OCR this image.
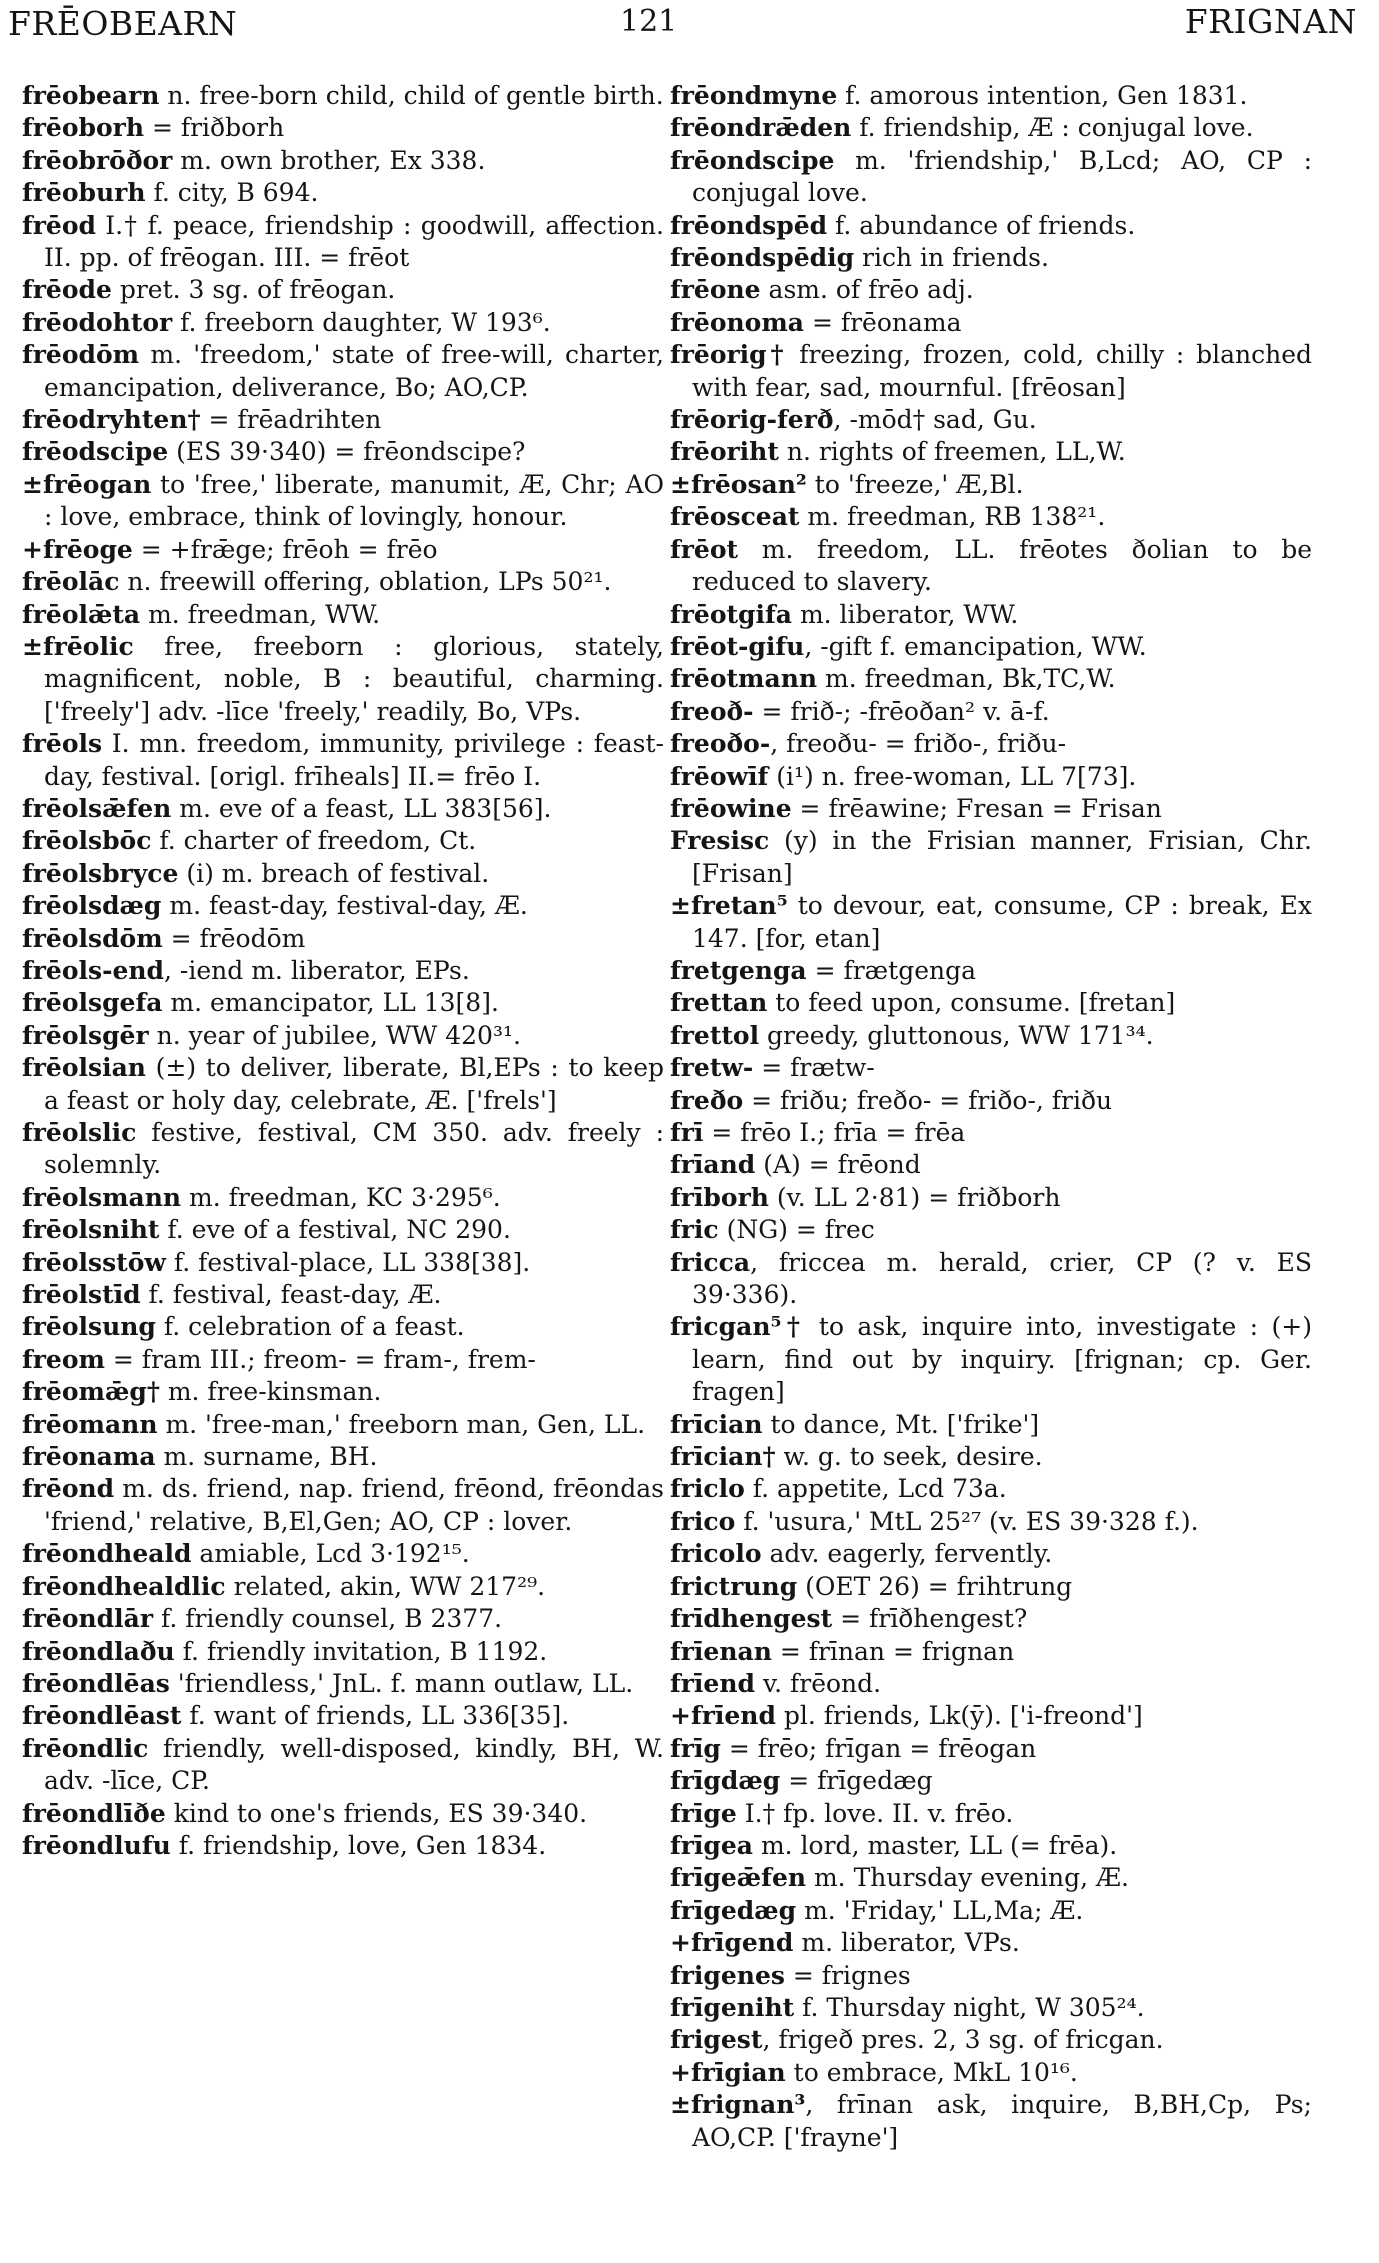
FRĒOBEARN	121	FRIGNAN

frēobearn n. free-born child, child of gentle birth.

frēoborh = friðborh

frēobrōðor m. own brother, Ex 338.

frēoburh f. city, B 694.

frēod I.† f. peace, friendship : goodwill, affection. II. pp. of frēogan. III. = frēot

frēode pret. 3 sg. of frēogan.

frēodohtor f. freeborn daughter, W 193⁶.

frēodōm m. 'freedom,' state of free-will, charter, emancipation, deliverance, Bo; AO,CP.

frēodryhten† = frēadrihten

frēodscipe (ES 39·340) = frēondscipe?

±frēogan to 'free,' liberate, manumit, Æ, Chr; AO : love, embrace, think of lovingly, honour.

+frēoge = +frǣge; frēoh = frēo

frēolāc n. freewill offering, oblation, LPs 50²¹.

frēolǣta m. freedman, WW.

±frēolic free, freeborn : glorious, stately, magnificent, noble, B : beautiful, charming. ['freely'] adv. -līce 'freely,' readily, Bo, VPs.

frēols I. mn. freedom, immunity, privilege : feast-day, festival. [origl. frīheals] II.= frēo I.

frēolsǣfen m. eve of a feast, LL 383[56].

frēolsbōc f. charter of freedom, Ct.

frēolsbryce (i) m. breach of festival.

frēolsdæg m. feast-day, festival-day, Æ.

frēolsdōm = frēodōm

frēols-end, -iend m. liberator, EPs.

frēolsgefa m. emancipator, LL 13[8].

frēolsgēr n. year of jubilee, WW 420³¹.

frēolsian (±) to deliver, liberate, Bl,EPs : to keep a feast or holy day, celebrate, Æ. ['frels']

frēolslic festive, festival, CM 350. adv. freely : solemnly.

frēolsmann m. freedman, KC 3·295⁶.

frēolsniht f. eve of a festival, NC 290.

frēolsstōw f. festival-place, LL 338[38].

frēolstīd f. festival, feast-day, Æ.

frēolsung f. celebration of a feast.

freom = fram III.; freom- = fram-, frem-

frēomǣg† m. free-kinsman.

frēomann m. 'free-man,' freeborn man, Gen, LL.

frēonama m. surname, BH.

frēond m. ds. friend, nap. friend, frēond, frēondas 'friend,' relative, B,El,Gen; AO, CP : lover.

frēondheald amiable, Lcd 3·192¹⁵.

frēondhealdlic related, akin, WW 217²⁹.

frēondlār f. friendly counsel, B 2377.

frēondlaðu f. friendly invitation, B 1192.

frēondlēas 'friendless,' JnL. f. mann outlaw, LL.

frēondlēast f. want of friends, LL 336[35].

frēondlic friendly, well-disposed, kindly, BH, W. adv. -līce, CP.

frēondlīðe kind to one's friends, ES 39·340.

frēondlufu f. friendship, love, Gen 1834.

frēondmyne f. amorous intention, Gen 1831.

frēondrǣden f. friendship, Æ : conjugal love.

frēondscipe m. 'friendship,' B,Lcd; AO, CP : conjugal love.

frēondspēd f. abundance of friends.

frēondspēdig rich in friends.

frēone asm. of frēo adj.

frēonoma = frēonama

frēorig† freezing, frozen, cold, chilly : blanched with fear, sad, mournful. [frēosan]

frēorig-ferð, -mōd† sad, Gu.

frēoriht n. rights of freemen, LL,W.

±frēosan² to 'freeze,' Æ,Bl.

frēosceat m. freedman, RB 138²¹.

frēot m. freedom, LL. frēotes ðolian to be reduced to slavery.

frēotgifa m. liberator, WW.

frēot-gifu, -gift f. emancipation, WW.

frēotmann m. freedman, Bk,TC,W.

freoð- = frið-; -frēoðan² v. ā-f.

freoðo-, freoðu- = friðo-, friðu-

frēowīf (i¹) n. free-woman, LL 7[73].

frēowine = frēawine; Fresan = Frisan

Fresisc (y) in the Frisian manner, Frisian, Chr. [Frisan]

±fretan⁵ to devour, eat, consume, CP : break, Ex 147. [for, etan]

fretgenga = frætgenga

frettan to feed upon, consume. [fretan]

frettol greedy, gluttonous, WW 171³⁴.

fretw- = frætw-

freðo = friðu; freðo- = friðo-, friðu

frī = frēo I.; frīa = frēa

frīand (A) = frēond

frīborh (v. LL 2·81) = friðborh

fric (NG) = frec

fricca, friccea m. herald, crier, CP (? v. ES 39·336).

fricgan⁵† to ask, inquire into, investigate : (+) learn, find out by inquiry. [frignan; cp. Ger. fragen]

frīcian to dance, Mt. ['frike']

frīcian† w. g. to seek, desire.

friclo f. appetite, Lcd 73a.

frico f. 'usura,' MtL 25²⁷ (v. ES 39·328 f.).

fricolo adv. eagerly, fervently.

frictrung (OET 26) = frihtrung

frīdhengest = frīðhengest?

frīenan = frīnan = frignan

frīend v. frēond.

+frīend pl. friends, Lk(ȳ). ['i-freond']

frīg = frēo; frīgan = frēogan

frīgdæg = frīgedæg

frīge I.† fp. love. II. v. frēo.

frīgea m. lord, master, LL (= frēa).

frīgeǣfen m. Thursday evening, Æ.

frīgedæg m. 'Friday,' LL,Ma; Æ.

+frīgend m. liberator, VPs.

frigenes = frignes

frīgeniht f. Thursday night, W 305²⁴.

frigest, frigeð pres. 2, 3 sg. of fricgan.

+frīgian to embrace, MkL 10¹⁶.

±frignan³, frīnan ask, inquire, B,BH,Cp, Ps; AO,CP. ['frayne']
